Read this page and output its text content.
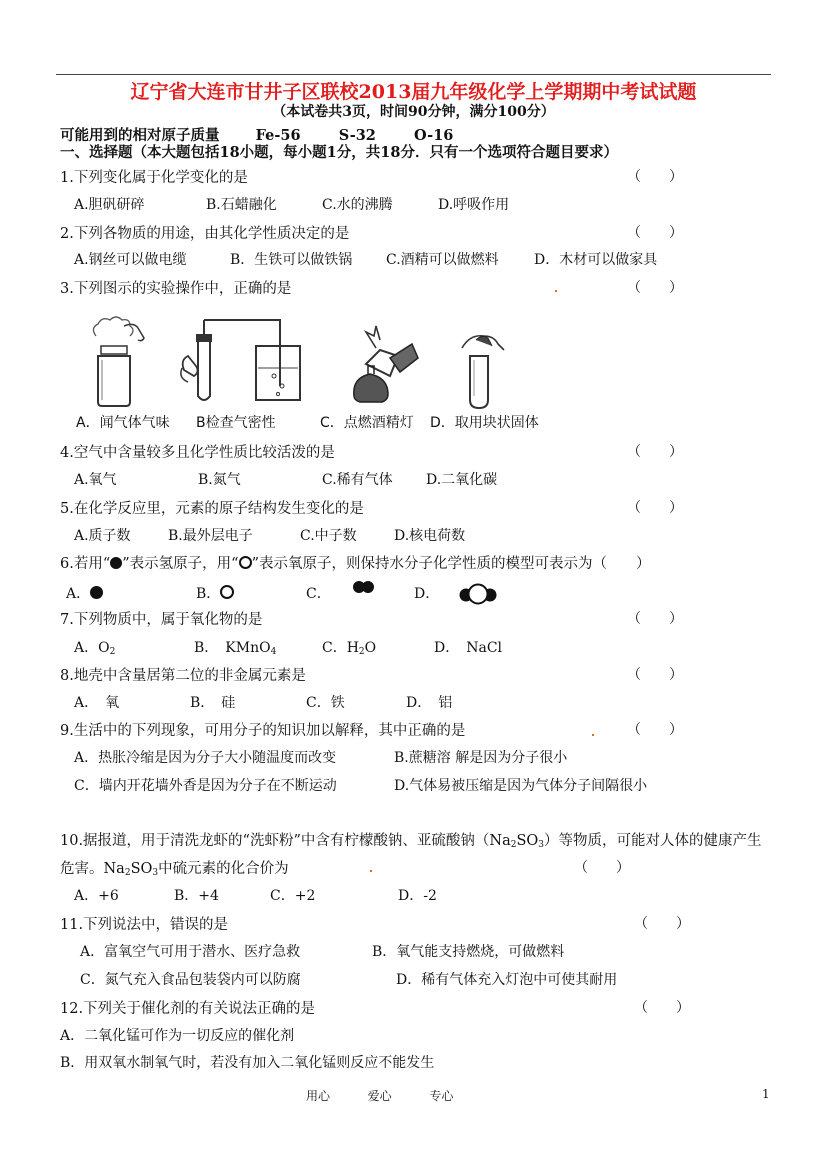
辽宁省大连市甘井子区联校2013届九年级化学上学期期中考试试题
（本试卷共3页，时间90分钟，满分100分）
可能用到的相对原子质量 Fe-56	S-32	O-16
一、选择题（本大题包括18小题，每小题1分，共18分．只有一个选项符合题目要求）
1.下列变化属于化学变化的是	（　　）
A.胆矾研碎	B.石蜡融化	C.水的沸腾	D.呼吸作用
2.下列各物质的用途，由其化学性质决定的是	（　　）
A.钢丝可以做电缆	B．生铁可以做铁锅 C.酒精可以做燃料	D．木材可以做家具
3.下列图示的实验操作中，正确的是	（　　）
A．闻气体气味 B检查气密性	C．点燃酒精灯 D．取用块状固体
4.空气中含量较多且化学性质比较活泼的是	（　　）
A.氧气	B.氮气	C.稀有气体 D.二氧化碳
5.在化学反应里，元素的原子结构发生变化的是	（　　）
A.质子数	B.最外层电子	C.中子数	D.核电荷数
6.若用“ ”表示氢原子，用“ ”表示氧原子，则保持水分子化学性质的模型可表示为（　　）
A．	B．	C．	D．
7.下列物质中，属于氧化物的是	（　　）
A．$O_2$	B．　KMnO$_4$	C．$H_2O$	D．　NaCl
8.地壳中含量居第二位的非金属元素是	（　　）
A．　氧	B．　硅	C．铁	D．　铝
9.生活中的下列现象，可用分子的知识加以解释，其中正确的是	（　　）
A．热胀冷缩是因为分子大小随温度而改变	B.蔗糖溶 解是因为分子很小
C．墙内开花墙外香是因为分子在不断运动	D.气体易被压缩是因为气体分子间隔很小
10.据报道，用于清洗龙虾的“洗虾粉”中含有柠檬酸钠、亚硫酸钠$(Na_2SO_3)$等物质，可能对人体的健康产生
危害。$Na_2SO_3$中硫元素的化合价为	（　　）
A．+6	B．+4	C．+2	D．-2
11.下列说法中，错误的是	（　　）
A．富氧空气可用于潜水、医疗急救	B．氧气能支持燃烧，可做燃料
C．氮气充入食品包装袋内可以防腐	D．稀有气体充入灯泡中可使其耐用
12.下列关于催化剂的有关说法正确的是	（　　）
A．二氧化锰可作为一切反应的催化剂
B．用双氧水制氧气时，若没有加入二氧化锰则反应不能发生
用心	爱心	专心	1
